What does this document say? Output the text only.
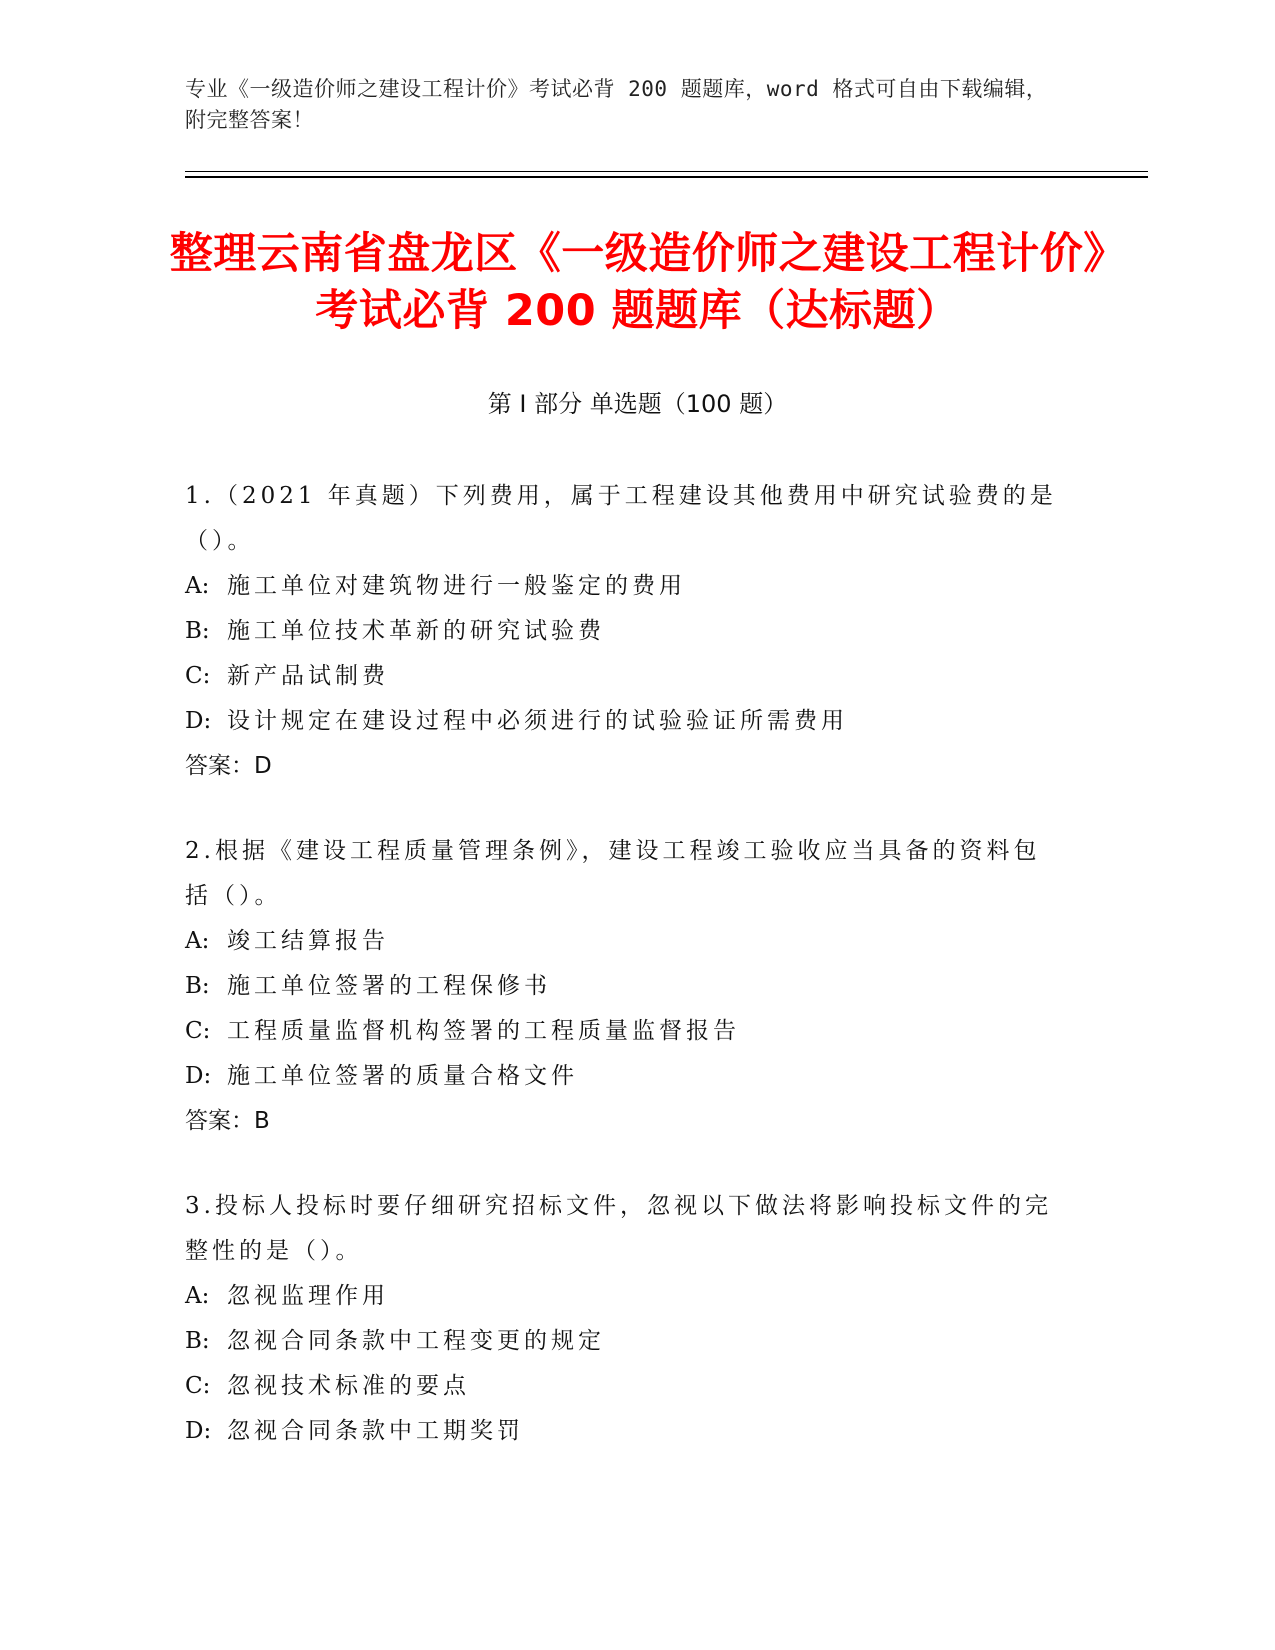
专业《一级造价师之建设工程计价》考试必背 200 题题库，word 格式可自由下载编辑，附完整答案！
整理云南省盘龙区《一级造价师之建设工程计价》考试必背 200 题题库（达标题）
第 I 部分 单选题（100 题）
1.（2021 年真题）下列费用，属于工程建设其他费用中研究试验费的是（）。
A: 施工单位对建筑物进行一般鉴定的费用
B: 施工单位技术革新的研究试验费
C: 新产品试制费
D: 设计规定在建设过程中必须进行的试验验证所需费用
答案：D
2.根据《建设工程质量管理条例》，建设工程竣工验收应当具备的资料包括（）。
A: 竣工结算报告
B: 施工单位签署的工程保修书
C: 工程质量监督机构签署的工程质量监督报告
D: 施工单位签署的质量合格文件
答案：B
3.投标人投标时要仔细研究招标文件，忽视以下做法将影响投标文件的完整性的是（）。
A: 忽视监理作用
B: 忽视合同条款中工程变更的规定
C: 忽视技术标准的要点
D: 忽视合同条款中工期奖罚
